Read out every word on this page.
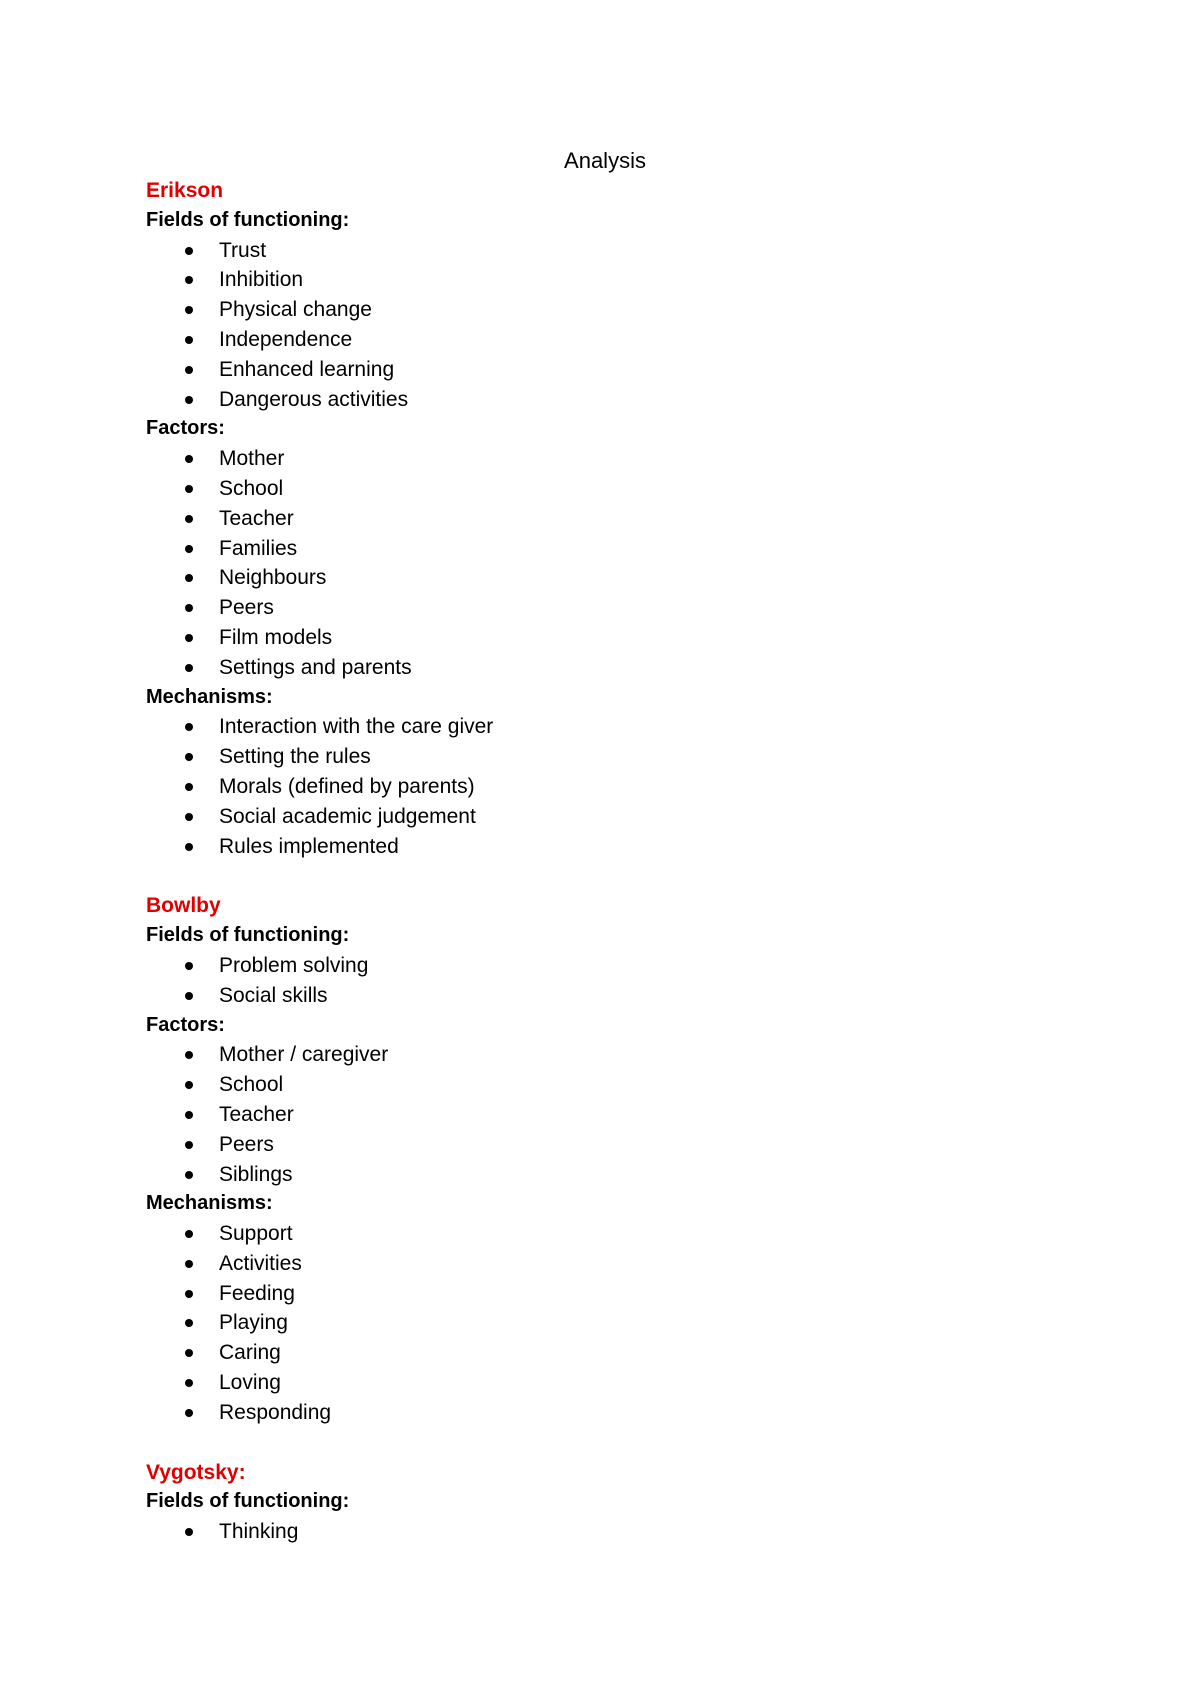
Analysis
Erikson
Fields of functioning:
Trust
Inhibition
Physical change
Independence
Enhanced learning
Dangerous activities
Factors:
Mother
School
Teacher
Families
Neighbours
Peers
Film models
Settings and parents
Mechanisms:
Interaction with the care giver
Setting the rules
Morals (defined by parents)
Social academic judgement
Rules implemented
Bowlby
Fields of functioning:
Problem solving
Social skills
Factors:
Mother / caregiver
School
Teacher
Peers
Siblings
Mechanisms:
Support
Activities
Feeding
Playing
Caring
Loving
Responding
Vygotsky:
Fields of functioning:
Thinking
